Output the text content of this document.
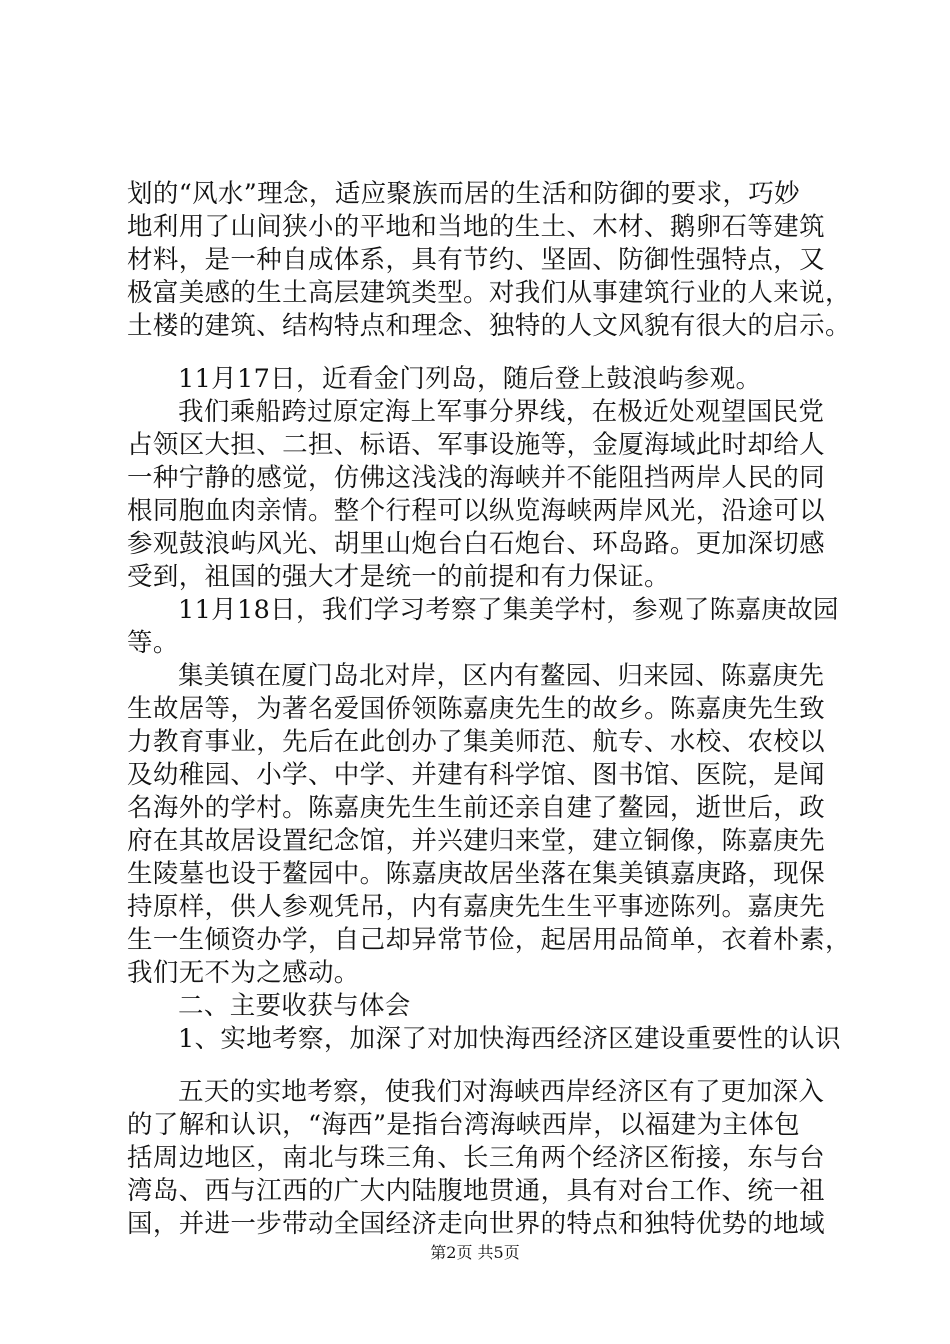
划的“风水”理念，适应聚族而居的生活和防御的要求，巧妙
地利用了山间狭小的平地和当地的生土、木材、鹅卵石等建筑
材料，是一种自成体系，具有节约、坚固、防御性强特点，又
极富美感的生土高层建筑类型。对我们从事建筑行业的人来说，
土楼的建筑、结构特点和理念、独特的人文风貌有很大的启示。
11月17日，近看金门列岛，随后登上鼓浪屿参观。
我们乘船跨过原定海上军事分界线，在极近处观望国民党
占领区大担、二担、标语、军事设施等，金厦海域此时却给人
一种宁静的感觉，仿佛这浅浅的海峡并不能阻挡两岸人民的同
根同胞血肉亲情。整个行程可以纵览海峡两岸风光，沿途可以
参观鼓浪屿风光、胡里山炮台白石炮台、环岛路。更加深切感
受到，祖国的强大才是统一的前提和有力保证。
11月18日，我们学习考察了集美学村，参观了陈嘉庚故园
等。
集美镇在厦门岛北对岸，区内有鳌园、归来园、陈嘉庚先
生故居等，为著名爱国侨领陈嘉庚先生的故乡。陈嘉庚先生致
力教育事业，先后在此创办了集美师范、航专、水校、农校以
及幼稚园、小学、中学、并建有科学馆、图书馆、医院，是闻
名海外的学村。陈嘉庚先生生前还亲自建了鳌园，逝世后，政
府在其故居设置纪念馆，并兴建归来堂，建立铜像，陈嘉庚先
生陵墓也设于鳌园中。陈嘉庚故居坐落在集美镇嘉庚路，现保
持原样，供人参观凭吊，内有嘉庚先生生平事迹陈列。嘉庚先
生一生倾资办学，自己却异常节俭，起居用品简单，衣着朴素，
我们无不为之感动。
二、主要收获与体会
1、实地考察，加深了对加快海西经济区建设重要性的认识
五天的实地考察，使我们对海峡西岸经济区有了更加深入
的了解和认识，“海西”是指台湾海峡西岸，以福建为主体包
括周边地区，南北与珠三角、长三角两个经济区衔接，东与台
湾岛、西与江西的广大内陆腹地贯通，具有对台工作、统一祖
国，并进一步带动全国经济走向世界的特点和独特优势的地域
第2页 共5页
